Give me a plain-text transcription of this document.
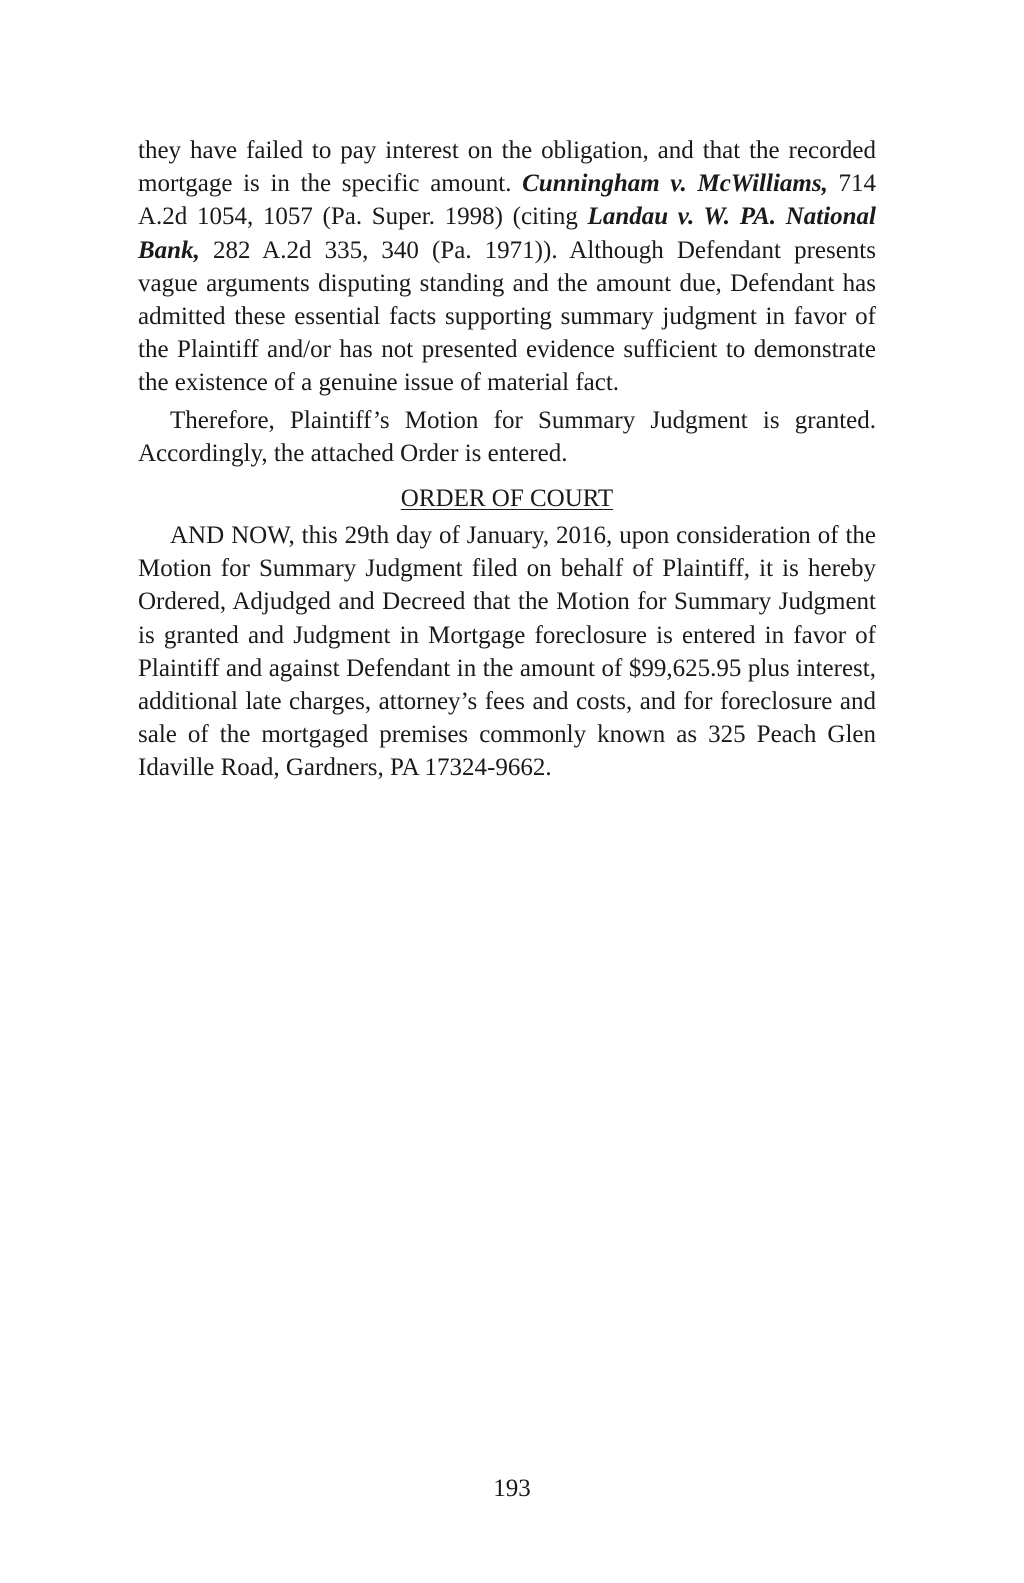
they have failed to pay interest on the obligation, and that the recorded mortgage is in the specific amount. Cunningham v. McWilliams, 714 A.2d 1054, 1057 (Pa. Super. 1998) (citing Landau v. W. PA. National Bank, 282 A.2d 335, 340 (Pa. 1971)). Although Defendant presents vague arguments disputing standing and the amount due, Defendant has admitted these essential facts supporting summary judgment in favor of the Plaintiff and/or has not presented evidence sufficient to demonstrate the existence of a genuine issue of material fact.

Therefore, Plaintiff’s Motion for Summary Judgment is granted. Accordingly, the attached Order is entered.

ORDER OF COURT

AND NOW, this 29th day of January, 2016, upon consideration of the Motion for Summary Judgment filed on behalf of Plaintiff, it is hereby Ordered, Adjudged and Decreed that the Motion for Summary Judgment is granted and Judgment in Mortgage foreclosure is entered in favor of Plaintiff and against Defendant in the amount of $99,625.95 plus interest, additional late charges, attorney’s fees and costs, and for foreclosure and sale of the mortgaged premises commonly known as 325 Peach Glen Idaville Road, Gardners, PA 17324-9662.

193
